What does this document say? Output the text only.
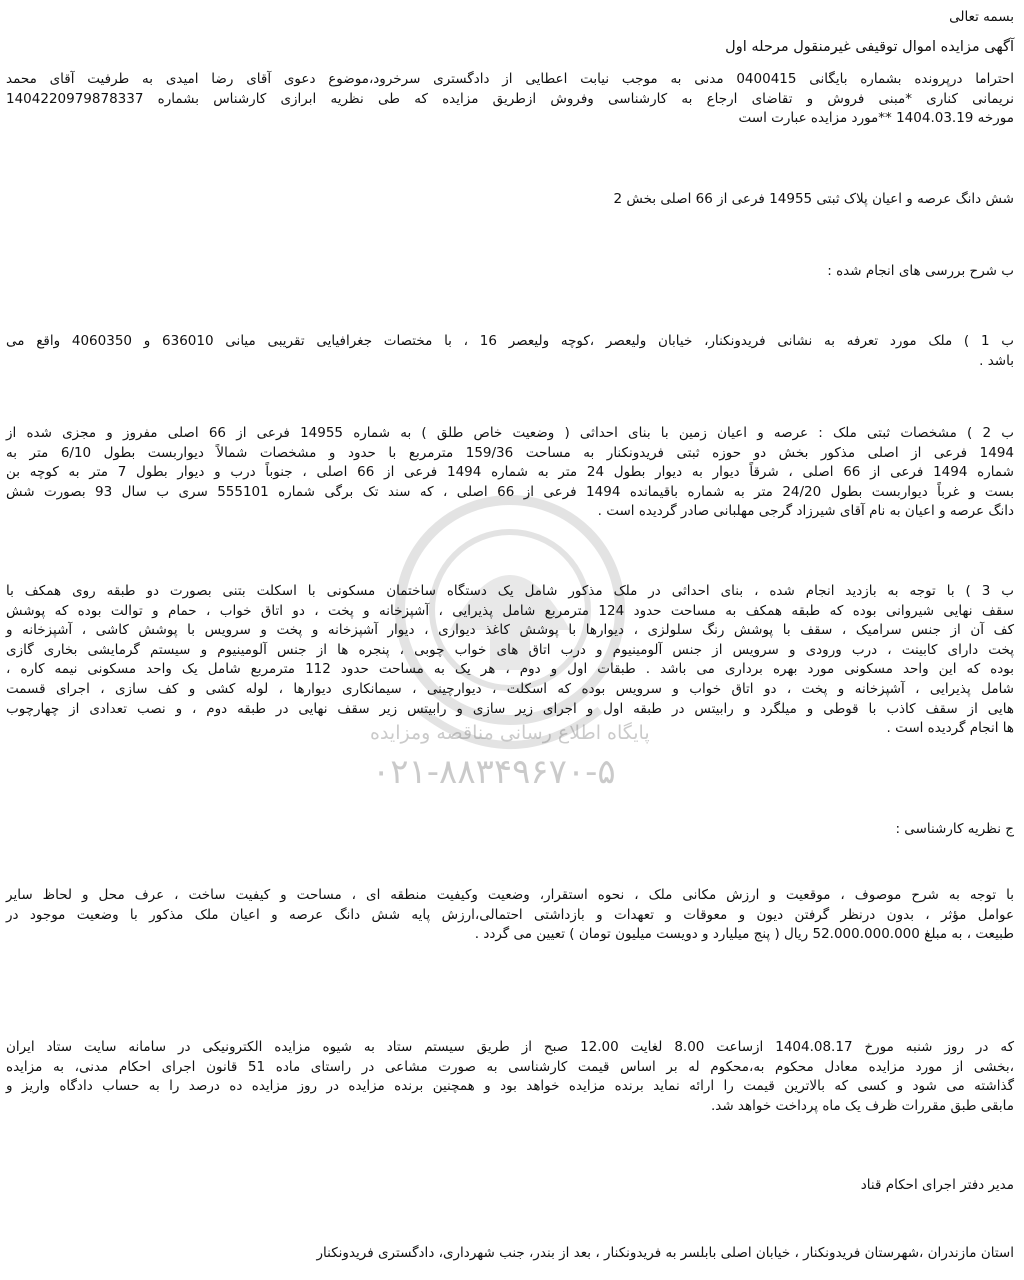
پایگاه اطلاع رسانی مناقصه ومزایده
۰۲۱-۸۸۳۴۹۶۷۰-۵
بسمه تعالی
آگهی مزایده اموال توقیفی غیرمنقول مرحله اول
احتراما درپرونده بشماره بایگانی 0400415 مدنی به موجب نیابت اعطایی از دادگستری سرخرود،موضوع دعوی آقای رضا امیدی به طرفیت آقای محمد
نریمانی کناری *مبنی فروش و تقاضای ارجاع به کارشناسی وفروش ازطریق مزایده که طی نظریه ابرازی کارشناس بشماره 1404220979878337
مورخه 1404.03.19 **مورد مزایده عبارت است
شش دانگ عرصه و اعیان پلاک ثبتی 14955 فرعی از 66 اصلی بخش 2
ب شرح بررسی های انجام شده :
ب 1 ) ملک مورد تعرفه به نشانی فریدونکنار، خیابان ولیعصر ،کوچه ولیعصر 16 ، با مختصات جغرافیایی تقریبی میانی 636010 و 4060350 واقع می
باشد .
ب 2 ) مشخصات ثبتی ملک : عرصه و اعیان زمین با بنای احداثی ( وضعیت خاص طلق ) به شماره 14955 فرعی از 66 اصلی مفروز و مجزی شده از
1494 فرعی از اصلی مذکور بخش دو حوزه ثبتی فریدونکنار به مساحت 159/36 مترمربع با حدود و مشخصات شمالاً دیواربست بطول 6/10 متر به
شماره 1494 فرعی از 66 اصلی ، شرقاً دیوار به دیوار بطول 24 متر به شماره 1494 فرعی از 66 اصلی ، جنوباً درب و دیوار بطول 7 متر به کوچه بن
بست و غرباً دیواربست بطول 24/20 متر به شماره باقیمانده 1494 فرعی از 66 اصلی ، که سند تک برگی شماره 555101 سری ب سال 93 بصورت شش
دانگ عرصه و اعیان به نام آقای شیرزاد گرجی مهلبانی صادر گردیده است .
ب 3 ) با توجه به بازدید انجام شده ، بنای احداثی در ملک مذکور شامل یک دستگاه ساختمان مسکونی با اسکلت بتنی بصورت دو طبقه روی همکف با
سقف نهایی شیروانی بوده که طبقه همکف به مساحت حدود 124 مترمربع شامل پذیرایی ، آشپزخانه و پخت ، دو اتاق خواب ، حمام و توالت بوده که پوشش
کف آن از جنس سرامیک ، سقف با پوشش رنگ سلولزی ، دیوارها با پوشش کاغذ دیواری ، دیوار آشپزخانه و پخت و سرویس با پوشش کاشی ، آشپزخانه و
پخت دارای کابینت ، درب ورودی و سرویس از جنس آلومینیوم و درب اتاق های خواب چوبی ، پنجره ها از جنس آلومینیوم و سیستم گرمایشی بخاری گازی
بوده که این واحد مسکونی مورد بهره برداری می باشد . طبقات اول و دوم ، هر یک به مساحت حدود 112 مترمربع شامل یک واحد مسکونی نیمه کاره ،
شامل پذیرایی ، آشپزخانه و پخت ، دو اتاق خواب و سرویس بوده که اسکلت ، دیوارچینی ، سیمانکاری دیوارها ، لوله کشی و کف سازی ، اجرای قسمت
هایی از سقف کاذب با قوطی و میلگرد و رابیتس در طبقه اول و اجرای زیر سازی و رابیتس زیر سقف نهایی در طبقه دوم ، و نصب تعدادی از چهارچوب
ها انجام گردیده است .
ج نظریه کارشناسی :
با توجه به شرح موصوف ، موقعیت و ارزش مکانی ملک ، نحوه استقرار، وضعیت وکیفیت منطقه ای ، مساحت و کیفیت ساخت ، عرف محل و لحاظ سایر
عوامل مؤثر ، بدون درنظر گرفتن دیون و معوقات و تعهدات و بازداشتی احتمالی،ارزش پایه شش دانگ عرصه و اعیان ملک مذکور با وضعیت موجود در
طبیعت ، به مبلغ 52.000.000.000 ریال ( پنج میلیارد و دویست میلیون تومان ) تعیین می گردد .
که در روز شنبه مورخ 1404.08.17 ازساعت 8.00 لغایت 12.00 صبح از طریق سیستم ستاد به شیوه مزایده الکترونیکی در سامانه سایت ستاد ایران
،بخشی از مورد مزایده معادل محکوم به،محکوم له بر اساس قیمت کارشناسی به صورت مشاعی در راستای ماده 51 قانون اجرای احکام مدنی، به مزایده
گذاشته می شود و کسی که بالاترین قیمت را ارائه نماید برنده مزایده خواهد بود و همچنین برنده مزایده در روز مزایده ده درصد را به حساب دادگاه واریز و
مابقی طبق مقررات ظرف یک ماه پرداخت خواهد شد.
مدیر دفتر اجرای احکام قناد
استان مازندران ،شهرستان فریدونکنار ، خیابان اصلی بابلسر به فریدونکنار ، بعد از بندر، جنب شهرداری، دادگستری فریدونکنار
